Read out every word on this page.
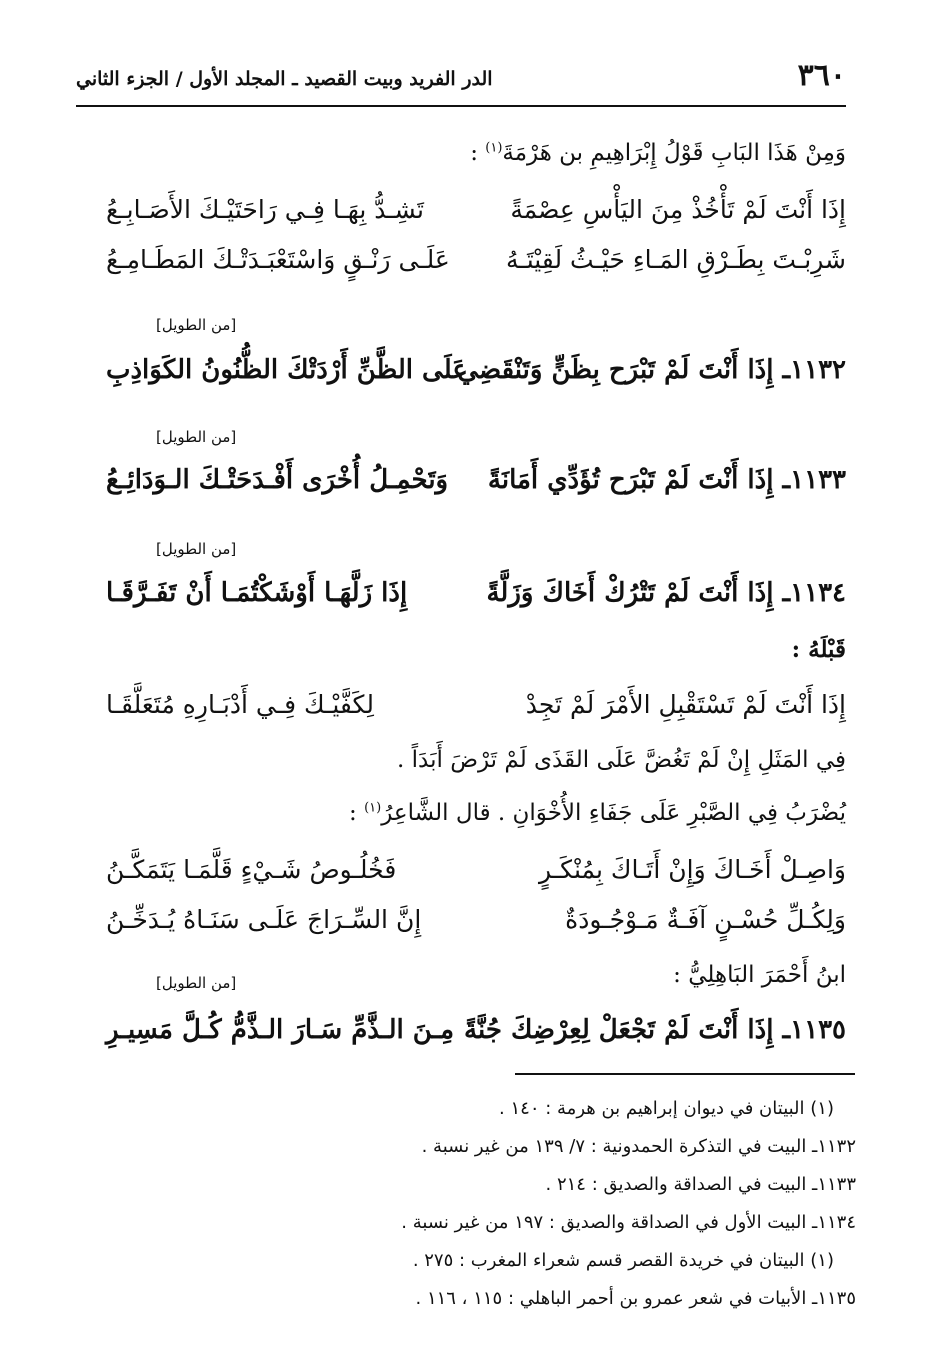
٣٦٠
الدر الفريد وبيت القصيد ـ المجلد الأول / الجزء الثاني
وَمِنْ هَذَا البَابِ قَوْلُ إِبْرَاهِيمِ بن هَرْمَةَ$^{(١)}$ :
إِذَا أَنْتَ لَمْ تَأْخُذْ مِنَ اليَأْسِ عِصْمَةً
تَشِـدُّ بِهَـا فِـي رَاحَتَيْـكَ الأَصَـابِـعُ
شَرِبْـتَ بِطَـرْقِ المَـاءِ حَيْـثُ لَقِيْتَـهُ
عَلَـى رَنْـقٍ وَاسْتَعْبَـدَتْـكَ المَطَـامِـعُ
[من الطويل]
١١٣٢ـ إِذَا أَنْتَ لَمْ تَبْرَح بِظَنٍّ وَتَنْقَضِي
عَلَى الظَّنِّ أَرْدَتْكَ الظُّنُونُ الكَوَاذِبِ
[من الطويل]
١١٣٣ـ إِذَا أَنْتَ لَمْ تَبْرَح تُؤَدِّي أَمَانَةً
وَتَحْمِـلُ أُخْرَى أَفْـدَحَتْـكَ الـوَدَائِـعُ
[من الطويل]
١١٣٤ـ إِذَا أَنْتَ لَمْ تَتْرُكْ أَخَاكَ وَزَلَّةً
إِذَا زَلَّهَـا أَوْشَكْتُمَـا أَنْ تَفَـرَّقَـا
قَبْلَهُ :
إِذَا أَنْتَ لَمْ تَسْتَقْبِلِ الأَمْرَ لَمْ تَجِدْ
لِكَفَّيْـكَ فِـي أَدْبَـارِهِ مُتَعَلَّقَـا
فِي المَثَلِ إِنْ لَمْ تَغُضَّ عَلَى القَذَى لَمْ تَرْضَ أَبَدَاً .
يُضْرَبُ فِي الصَّبْرِ عَلَى جَفَاءِ الأُخْوَانِ . قال الشَّاعِرُ$^{(١)}$ :
وَاصِـلْ أَخَـاكَ وَإِنْ أَتَـاكَ بِمُنْكَـرٍ
فَخُلُـوصُ شَـيْءٍ قَلَّمَـا يَتَمَكَّـنُ
وَلِكُـلِّ حُسْـنٍ آفَـةٌ مَـوْجُـودَةٌ
إِنَّ السِّـرَاجَ عَلَـى سَنَـاهُ يُـدَخِّـنُ
ابنُ أَحْمَرَ البَاهِلِيُّ :
[من الطويل]
١١٣٥ـ إِذَا أَنْتَ لَمْ تَجْعَلْ لِعِرْضِكَ جُنَّةً
مِـنَ الـذَّمِّ سَـارَ الـذَّمُّ كُـلَّ مَسِيـرِ
(١) البيتان في ديوان إبراهيم بن هرمة : ١٤٠ .
١١٣٢ـ البيت في التذكرة الحمدونية : ٧/ ١٣٩ من غير نسبة .
١١٣٣ـ البيت في الصداقة والصديق : ٢١٤ .
١١٣٤ـ البيت الأول في الصداقة والصديق : ١٩٧ من غير نسبة .
(١) البيتان في خريدة القصر قسم شعراء المغرب : ٢٧٥ .
١١٣٥ـ الأبيات في شعر عمرو بن أحمر الباهلي : ١١٥ ، ١١٦ .
